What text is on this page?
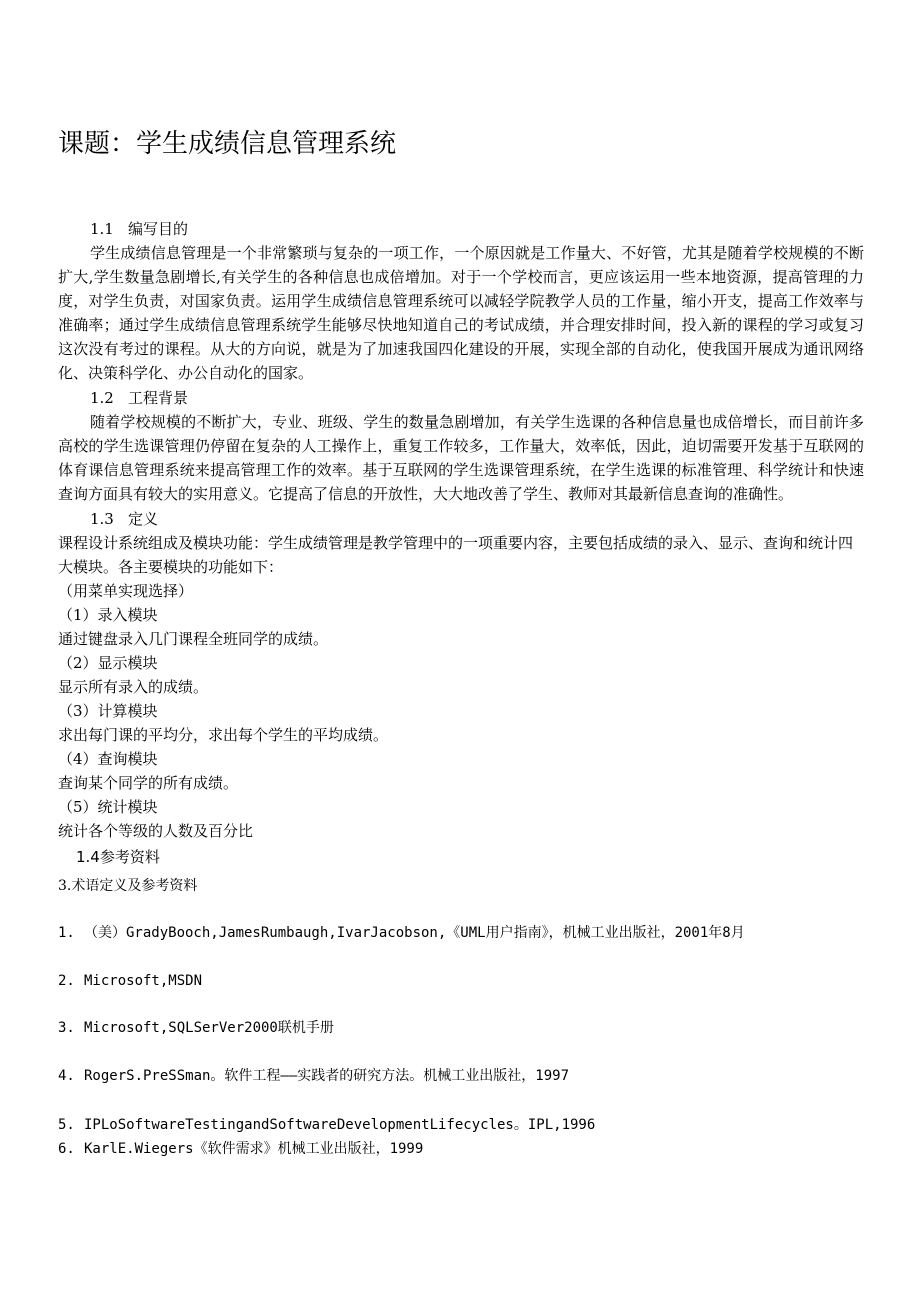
课题：学生成绩信息管理系统
1.1 编写目的
学生成绩信息管理是一个非常繁琐与复杂的一项工作，一个原因就是工作量大、不好管，尤其是随着学校规模的不断扩大,学生数量急剧增长,有关学生的各种信息也成倍增加。对于一个学校而言，更应该运用一些本地资源，提高管理的力度，对学生负责，对国家负责。运用学生成绩信息管理系统可以减轻学院教学人员的工作量，缩小开支，提高工作效率与准确率；通过学生成绩信息管理系统学生能够尽快地知道自己的考试成绩，并合理安排时间，投入新的课程的学习或复习这次没有考过的课程。从大的方向说，就是为了加速我国四化建设的开展，实现全部的自动化，使我国开展成为通讯网络化、决策科学化、办公自动化的国家。
1.2 工程背景
随着学校规模的不断扩大，专业、班级、学生的数量急剧增加，有关学生选课的各种信息量也成倍增长，而目前许多高校的学生选课管理仍停留在复杂的人工操作上，重复工作较多，工作量大，效率低，因此，迫切需要开发基于互联网的体育课信息管理系统来提高管理工作的效率。基于互联网的学生选课管理系统，在学生选课的标准管理、科学统计和快速查询方面具有较大的实用意义。它提高了信息的开放性，大大地改善了学生、教师对其最新信息查询的准确性。
1.3 定义
课程设计系统组成及模块功能：学生成绩管理是教学管理中的一项重要内容，主要包括成绩的录入、显示、查询和统计四大模块。各主要模块的功能如下：
（用菜单实现选择）
（1）录入模块
通过键盘录入几门课程全班同学的成绩。
（2）显示模块
显示所有录入的成绩。
（3）计算模块
求出每门课的平均分，求出每个学生的平均成绩。
（4）查询模块
查询某个同学的所有成绩。
（5）统计模块
统计各个等级的人数及百分比
1.4参考资料
3.术语定义及参考资料
1. （美）GradyBooch,JamesRumbaugh,IvarJacobson,《UML用户指南》，机械工业出版社，2001年8月
2. Microsoft,MSDN
3. Microsoft,SQLSerVer2000联机手册
4. RogerS.PreSSman。软件工程——实践者的研究方法。机械工业出版社，1997
5. IPLoSoftwareTestingandSoftwareDevelopmentLifecycles。IPL,1996
6. KarlE.Wiegers《软件需求》机械工业出版社，1999
